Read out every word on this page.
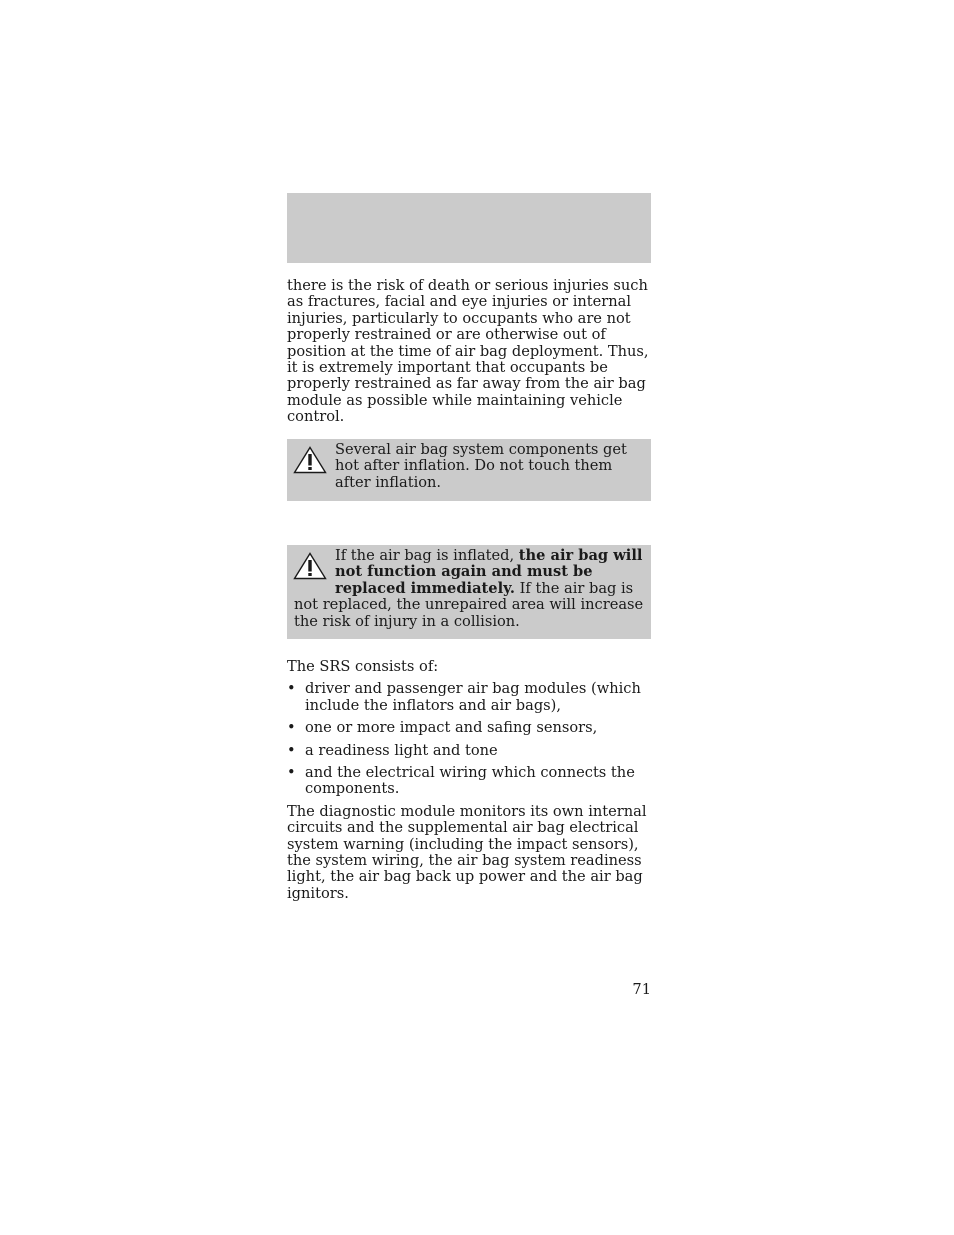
there is the risk of death or serious injuries such as fractures, facial and eye injuries or internal injuries, particularly to occupants who are not properly restrained or are otherwise out of position at the time of air bag deployment. Thus, it is extremely important that occupants be properly restrained as far away from the air bag module as possible while maintaining vehicle control.
Several air bag system components get hot after inflation. Do not touch them after inflation.
If the air bag is inflated, the air bag will not function again and must be replaced immediately. If the air bag is not replaced, the unrepaired area will increase the risk of injury in a collision.

The SRS consists of:

• driver and passenger air bag modules (which include the inflators and air bags),
• one or more impact and safing sensors,
• a readiness light and tone
• and the electrical wiring which connects the components.

The diagnostic module monitors its own internal circuits and the supplemental air bag electrical system warning (including the impact sensors), the system wiring, the air bag system readiness light, the air bag back up power and the air bag ignitors.

71
